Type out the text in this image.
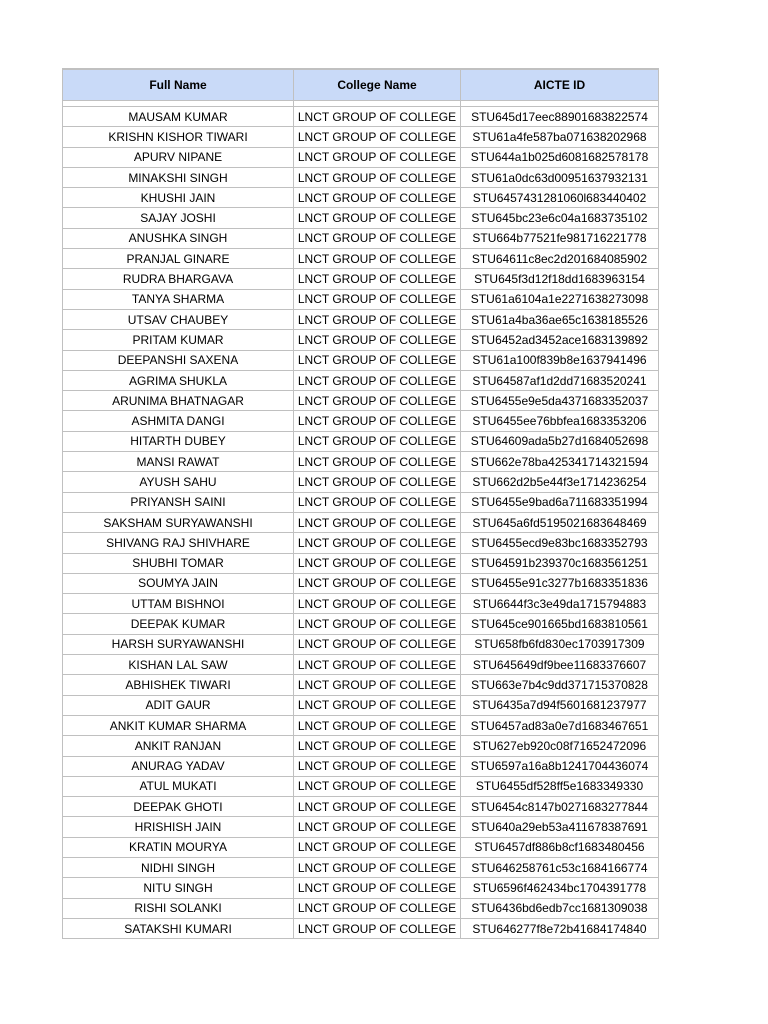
Full Name	College Name	AICTE ID

MAUSAM KUMAR	LNCT GROUP OF COLLEGE	STU645d17eec88901683822574
KRISHN KISHOR TIWARI	LNCT GROUP OF COLLEGE	STU61a4fe587ba071638202968
APURV NIPANE	LNCT GROUP OF COLLEGE	STU644a1b025d6081682578178
MINAKSHI SINGH	LNCT GROUP OF COLLEGE	STU61a0dc63d00951637932131
KHUSHI JAIN	LNCT GROUP OF COLLEGE	STU6457431281060l683440402
SAJAY JOSHI	LNCT GROUP OF COLLEGE	STU645bc23e6c04a1683735102
ANUSHKA SINGH	LNCT GROUP OF COLLEGE	STU664b77521fe981716221778
PRANJAL GINARE	LNCT GROUP OF COLLEGE	STU64611c8ec2d201684085902
RUDRA BHARGAVA	LNCT GROUP OF COLLEGE	STU645f3d12f18dd1683963154
TANYA SHARMA	LNCT GROUP OF COLLEGE	STU61a6104a1e2271638273098
UTSAV CHAUBEY	LNCT GROUP OF COLLEGE	STU61a4ba36ae65c1638185526
PRITAM KUMAR	LNCT GROUP OF COLLEGE	STU6452ad3452ace1683139892
DEEPANSHI SAXENA	LNCT GROUP OF COLLEGE	STU61a100f839b8e1637941496
AGRIMA SHUKLA	LNCT GROUP OF COLLEGE	STU64587af1d2dd71683520241
ARUNIMA BHATNAGAR	LNCT GROUP OF COLLEGE	STU6455e9e5da4371683352037
ASHMITA DANGI	LNCT GROUP OF COLLEGE	STU6455ee76bbfea1683353206
HITARTH DUBEY	LNCT GROUP OF COLLEGE	STU64609ada5b27d1684052698
MANSI RAWAT	LNCT GROUP OF COLLEGE	STU662e78ba425341714321594
AYUSH SAHU	LNCT GROUP OF COLLEGE	STU662d2b5e44f3e1714236254
PRIYANSH SAINI	LNCT GROUP OF COLLEGE	STU6455e9bad6a711683351994
SAKSHAM SURYAWANSHI	LNCT GROUP OF COLLEGE	STU645a6fd5195021683648469
SHIVANG RAJ SHIVHARE	LNCT GROUP OF COLLEGE	STU6455ecd9e83bc1683352793
SHUBHI TOMAR	LNCT GROUP OF COLLEGE	STU64591b239370c1683561251
SOUMYA JAIN	LNCT GROUP OF COLLEGE	STU6455e91c3277b1683351836
UTTAM BISHNOI	LNCT GROUP OF COLLEGE	STU6644f3c3e49da1715794883
DEEPAK KUMAR	LNCT GROUP OF COLLEGE	STU645ce901665bd1683810561
HARSH SURYAWANSHI	LNCT GROUP OF COLLEGE	STU658fb6fd830ec1703917309
KISHAN LAL SAW	LNCT GROUP OF COLLEGE	STU645649df9bee11683376607
ABHISHEK TIWARI	LNCT GROUP OF COLLEGE	STU663e7b4c9dd371715370828
ADIT GAUR	LNCT GROUP OF COLLEGE	STU6435a7d94f5601681237977
ANKIT KUMAR SHARMA	LNCT GROUP OF COLLEGE	STU6457ad83a0e7d1683467651
ANKIT RANJAN	LNCT GROUP OF COLLEGE	STU627eb920c08f71652472096
ANURAG YADAV	LNCT GROUP OF COLLEGE	STU6597a16a8b1241704436074
ATUL MUKATI	LNCT GROUP OF COLLEGE	STU6455df528ff5e1683349330
DEEPAK GHOTI	LNCT GROUP OF COLLEGE	STU6454c8147b0271683277844
HRISHISH JAIN	LNCT GROUP OF COLLEGE	STU640a29eb53a411678387691
KRATIN MOURYA	LNCT GROUP OF COLLEGE	STU6457df886b8cf1683480456
NIDHI SINGH	LNCT GROUP OF COLLEGE	STU646258761c53c1684166774
NITU SINGH	LNCT GROUP OF COLLEGE	STU6596f462434bc1704391778
RISHI SOLANKI	LNCT GROUP OF COLLEGE	STU6436bd6edb7cc1681309038
SATAKSHI KUMARI	LNCT GROUP OF COLLEGE	STU646277f8e72b41684174840
